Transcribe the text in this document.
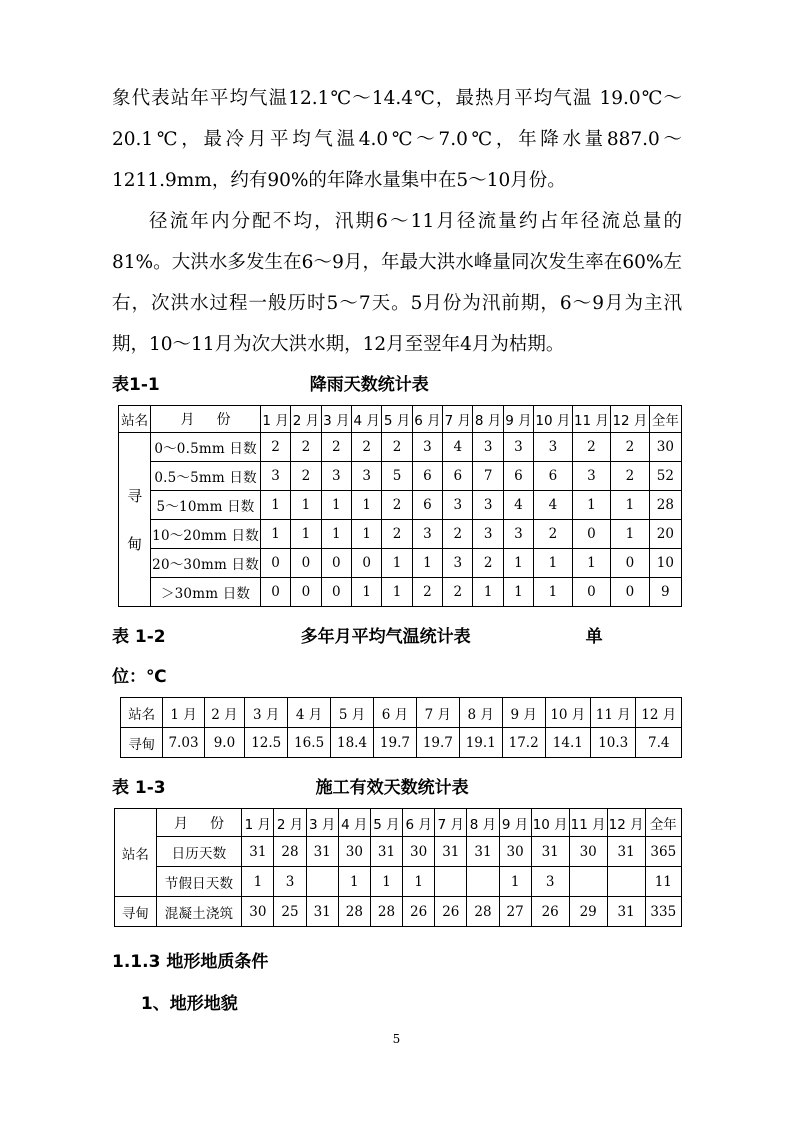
象代表站年平均气温12.1℃～14.4℃，最热月平均气温 19.0℃～20.1℃，最冷月平均气温4.0℃～7.0℃，年降水量887.0～1211.9mm，约有90%的年降水量集中在5～10月份。

径流年内分配不均，汛期6～11月径流量约占年径流总量的81%。大洪水多发生在6～9月，年最大洪水峰量同次发生率在60%左右，次洪水过程一般历时5～7天。5月份为汛前期，6～9月为主汛期，10～11月为次大洪水期，12月至翌年4月为枯期。

表1-1	降雨天数统计表
站名	月 份	1 月	2 月	3 月	4 月	5 月	6 月	7 月	8 月	9 月	10 月	11 月	12 月	全年

寻
甸	0～0.5mm 日数	2	2	2	2	2	3	4	3	3	3	2	2	30
	0.5～5mm 日数	3	2	3	3	5	6	6	7	6	6	3	2	52
	5～10mm 日数	1	1	1	1	2	6	3	3	4	4	1	1	28
	10～20mm 日数	1	1	1	1	2	3	2	3	3	2	0	1	20
	20～30mm 日数	0	0	0	0	1	1	3	2	1	1	1	0	10
	＞30mm 日数	0	0	0	1	1	2	2	1	1	1	0	0	9
表 1-2	多年月平均气温统计表	单
位：℃
站名	1 月	2 月	3 月	4 月	5 月	6 月	7 月	8 月	9 月	10 月	11 月	12 月
寻甸	7.03	9.0	12.5	16.5	18.4	19.7	19.7	19.1	17.2	14.1	10.3	7.4
表 1-3	施工有效天数统计表
站名	月 份	1 月	2 月	3 月	4 月	5 月	6 月	7 月	8 月	9 月	10 月	11 月	12 月	全年
	日历天数	31	28	31	30	31	30	31	31	30	31	30	31	365
	节假日天数	1	3		1	1	1			1	3			11
寻甸	混凝土浇筑	30	25	31	28	28	26	26	28	27	26	29	31	335
1.1.3 地形地质条件
1、地形地貌
5
